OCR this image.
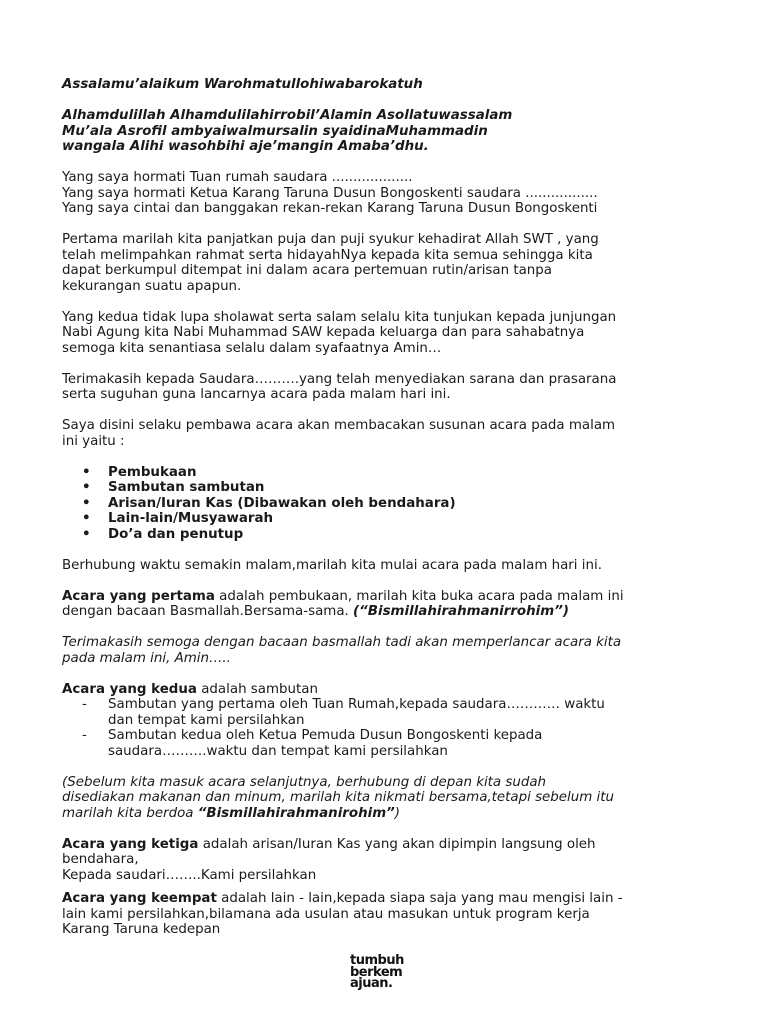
Assalamu’alaikum Warohmatullohiwabarokatuh

Alhamdulillah Alhamdulilahirrobil’Alamin Asollatuwassalam

Mu’ala Asrofil ambyaiwalmursalin syaidinaMuhammadin

wangala Alihi wasohbihi aje’mangin Amaba’dhu.

Yang saya hormati Tuan rumah saudara ...................

Yang saya hormati Ketua Karang Taruna Dusun Bongoskenti saudara .................

Yang saya cintai dan banggakan rekan-rekan Karang Taruna Dusun Bongoskenti

Pertama marilah kita panjatkan puja dan puji syukur kehadirat Allah SWT , yang

telah melimpahkan rahmat serta hidayahNya kepada kita semua sehingga kita

dapat berkumpul ditempat ini dalam acara pertemuan rutin/arisan tanpa

kekurangan suatu apapun.

Yang kedua tidak lupa sholawat serta salam selalu kita tunjukan kepada junjungan

Nabi Agung kita Nabi Muhammad SAW kepada keluarga dan para sahabatnya

semoga kita senantiasa selalu dalam syafaatnya Amin…

Terimakasih kepada Saudara……….yang telah menyediakan sarana dan prasarana

serta suguhan guna lancarnya acara pada malam hari ini.

Saya disini selaku pembawa acara akan membacakan susunan acara pada malam

ini yaitu :

• Pembukaan
• Sambutan sambutan
• Arisan/Iuran Kas (Dibawakan oleh bendahara)
• Lain-lain/Musyawarah
• Do’a dan penutup

Berhubung waktu semakin malam,marilah kita mulai acara pada malam hari ini.

Acara yang pertama adalah pembukaan, marilah kita buka acara pada malam ini

dengan bacaan Basmallah.Bersama-sama. (“Bismillahirahmanirrohim”)

Terimakasih semoga dengan bacaan basmallah tadi akan memperlancar acara kita

pada malam ini, Amin…..

Acara yang kedua adalah sambutan

- Sambutan yang pertama oleh Tuan Rumah,kepada saudara………… waktu

dan tempat kami persilahkan

- Sambutan kedua oleh Ketua Pemuda Dusun Bongoskenti kepada

saudara……….waktu dan tempat kami persilahkan

(Sebelum kita masuk acara selanjutnya, berhubung di depan kita sudah

disediakan makanan dan minum, marilah kita nikmati bersama,tetapi sebelum itu

marilah kita berdoa “Bismillahirahmanirohim”)

Acara yang ketiga adalah arisan/Iuran Kas yang akan dipimpin langsung oleh

bendahara,

Kepada saudari……..Kami persilahkan

Acara yang keempat adalah lain - lain,kepada siapa saja yang mau mengisi lain -

lain kami persilahkan,bilamana ada usulan atau masukan untuk program kerja

Karang Taruna kedepan

tumbuh
berkem
ajuan.
